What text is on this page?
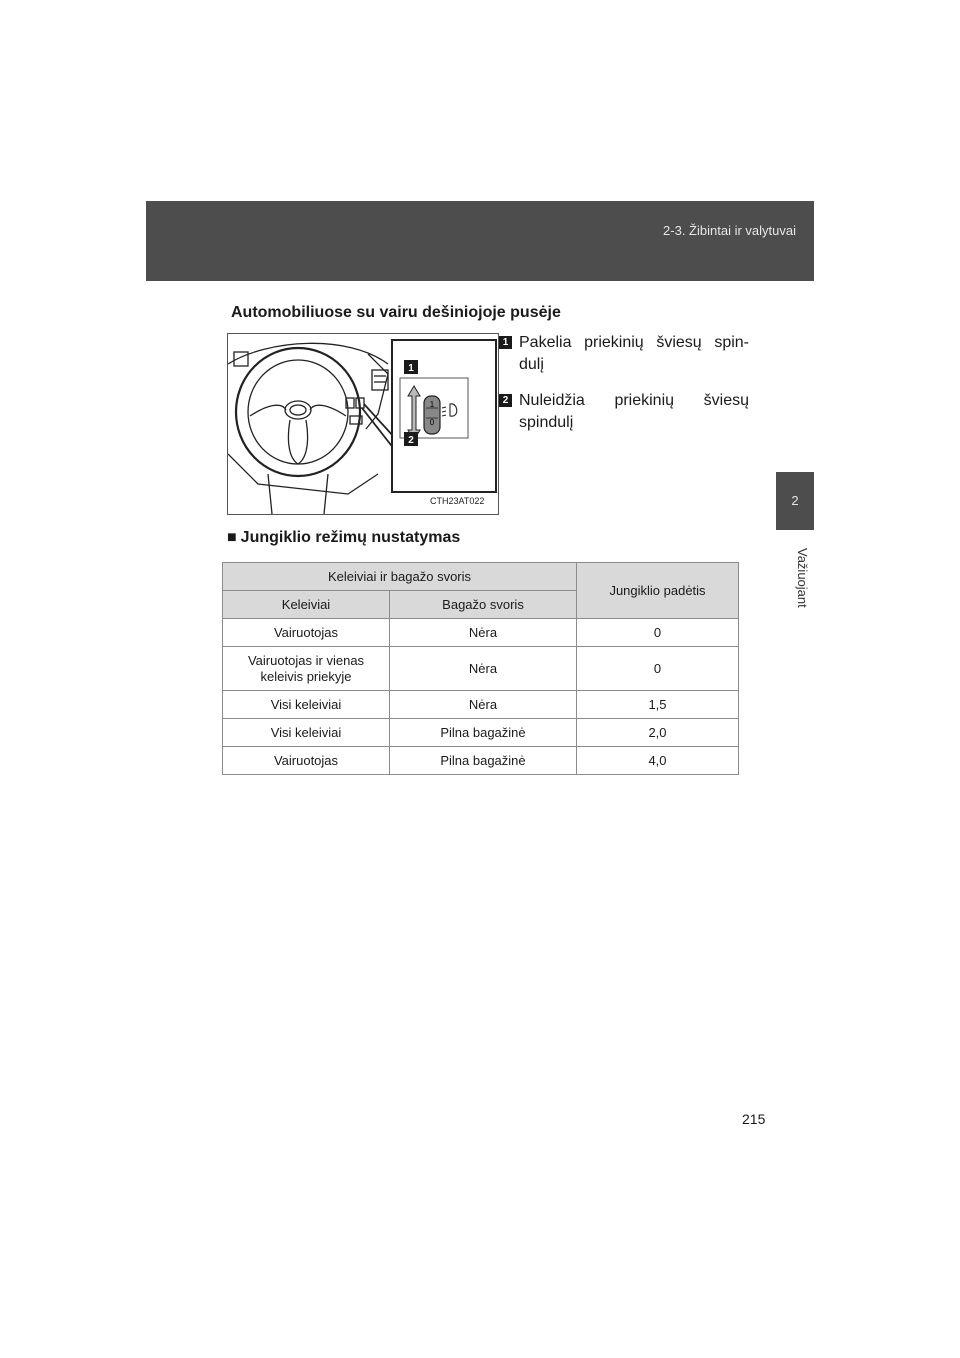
2-3. Žibintai ir valytuvai
2
Važiuojant
Automobiliuose su vairu dešiniojoje pusėje
1
0
1
2
CTH23AT022
1 Pakelia priekinių šviesų spin-dulį
2 Nuleidžia priekinių šviesų spindulį
■ Jungiklio režimų nustatymas
Keleiviai ir bagažo svoris		Jungiklio padėtis
Keleiviai	Bagažo svoris	
Vairuotojas	Nėra	0
Vairuotojas ir vienas keleivis priekyje	Nėra	0
Visi keleiviai	Nėra	1,5
Visi keleiviai	Pilna bagažinė	2,0
Vairuotojas	Pilna bagažinė	4,0
215
